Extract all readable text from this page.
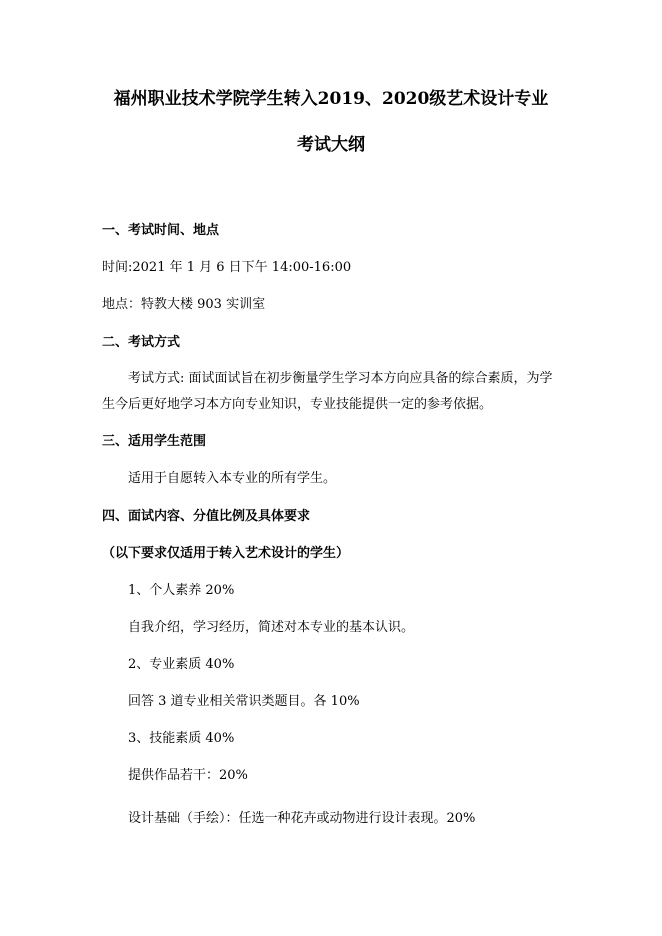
福州职业技术学院学生转入2019、2020级艺术设计专业
考试大纲
一、考试时间、地点
时间:2021 年 1 月 6 日下午 14:00-16:00
地点：特教大楼 903 实训室
二、考试方式
考试方式: 面试面试旨在初步衡量学生学习本方向应具备的综合素质，为学
生今后更好地学习本方向专业知识，专业技能提供一定的参考依据。
三、适用学生范围
适用于自愿转入本专业的所有学生。
四、面试内容、分值比例及具体要求
（以下要求仅适用于转入艺术设计的学生）
1、个人素养 20%
自我介绍，学习经历，简述对本专业的基本认识。
2、专业素质 40%
回答 3 道专业相关常识类题目。各 10%
3、技能素质 40%
提供作品若干：20%
设计基础（手绘）：任选一种花卉或动物进行设计表现。20%
